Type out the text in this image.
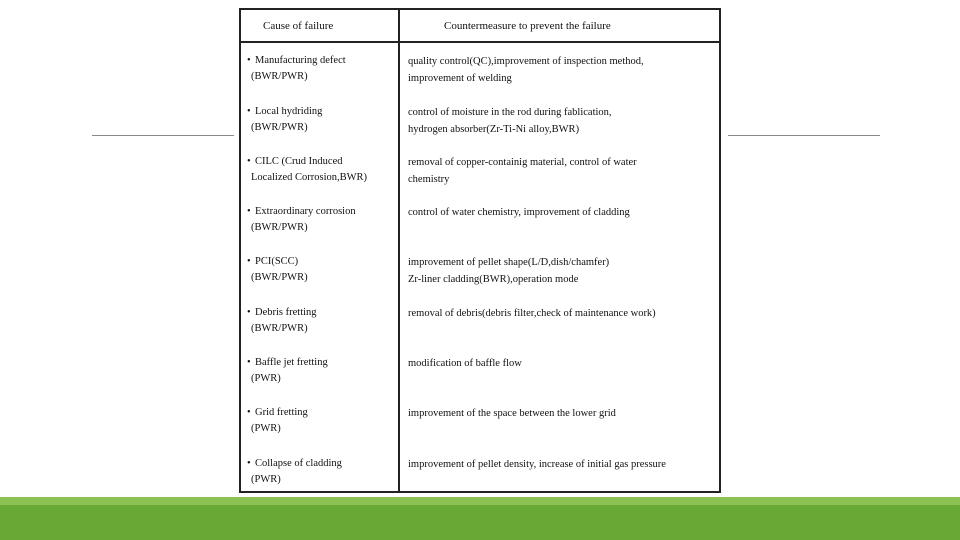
Cause of failure	Countermeasure to prevent the failure
• Manufacturing defect
(BWR/PWR)
quality control(QC),improvement of inspection method,
improvement of welding
• Local hydriding
(BWR/PWR)
control of moisture in the rod during fablication,
hydrogen absorber(Zr-Ti-Ni alloy,BWR)
• CILC (Crud Induced
Localized Corrosion,BWR)
removal of copper-containig material, control of water
chemistry
• Extraordinary corrosion
(BWR/PWR)
control of water chemistry, improvement of cladding
• PCI(SCC)
(BWR/PWR)
improvement of pellet shape(L/D,dish/chamfer)
Zr-liner cladding(BWR),operation mode
• Debris fretting
(BWR/PWR)
removal of debris(debris filter,check of maintenance work)
• Baffle jet fretting
(PWR)
modification of baffle flow
• Grid fretting
(PWR)
improvement of the space between the lower grid
• Collapse of cladding
(PWR)
improvement of pellet density, increase of initial gas pressure
